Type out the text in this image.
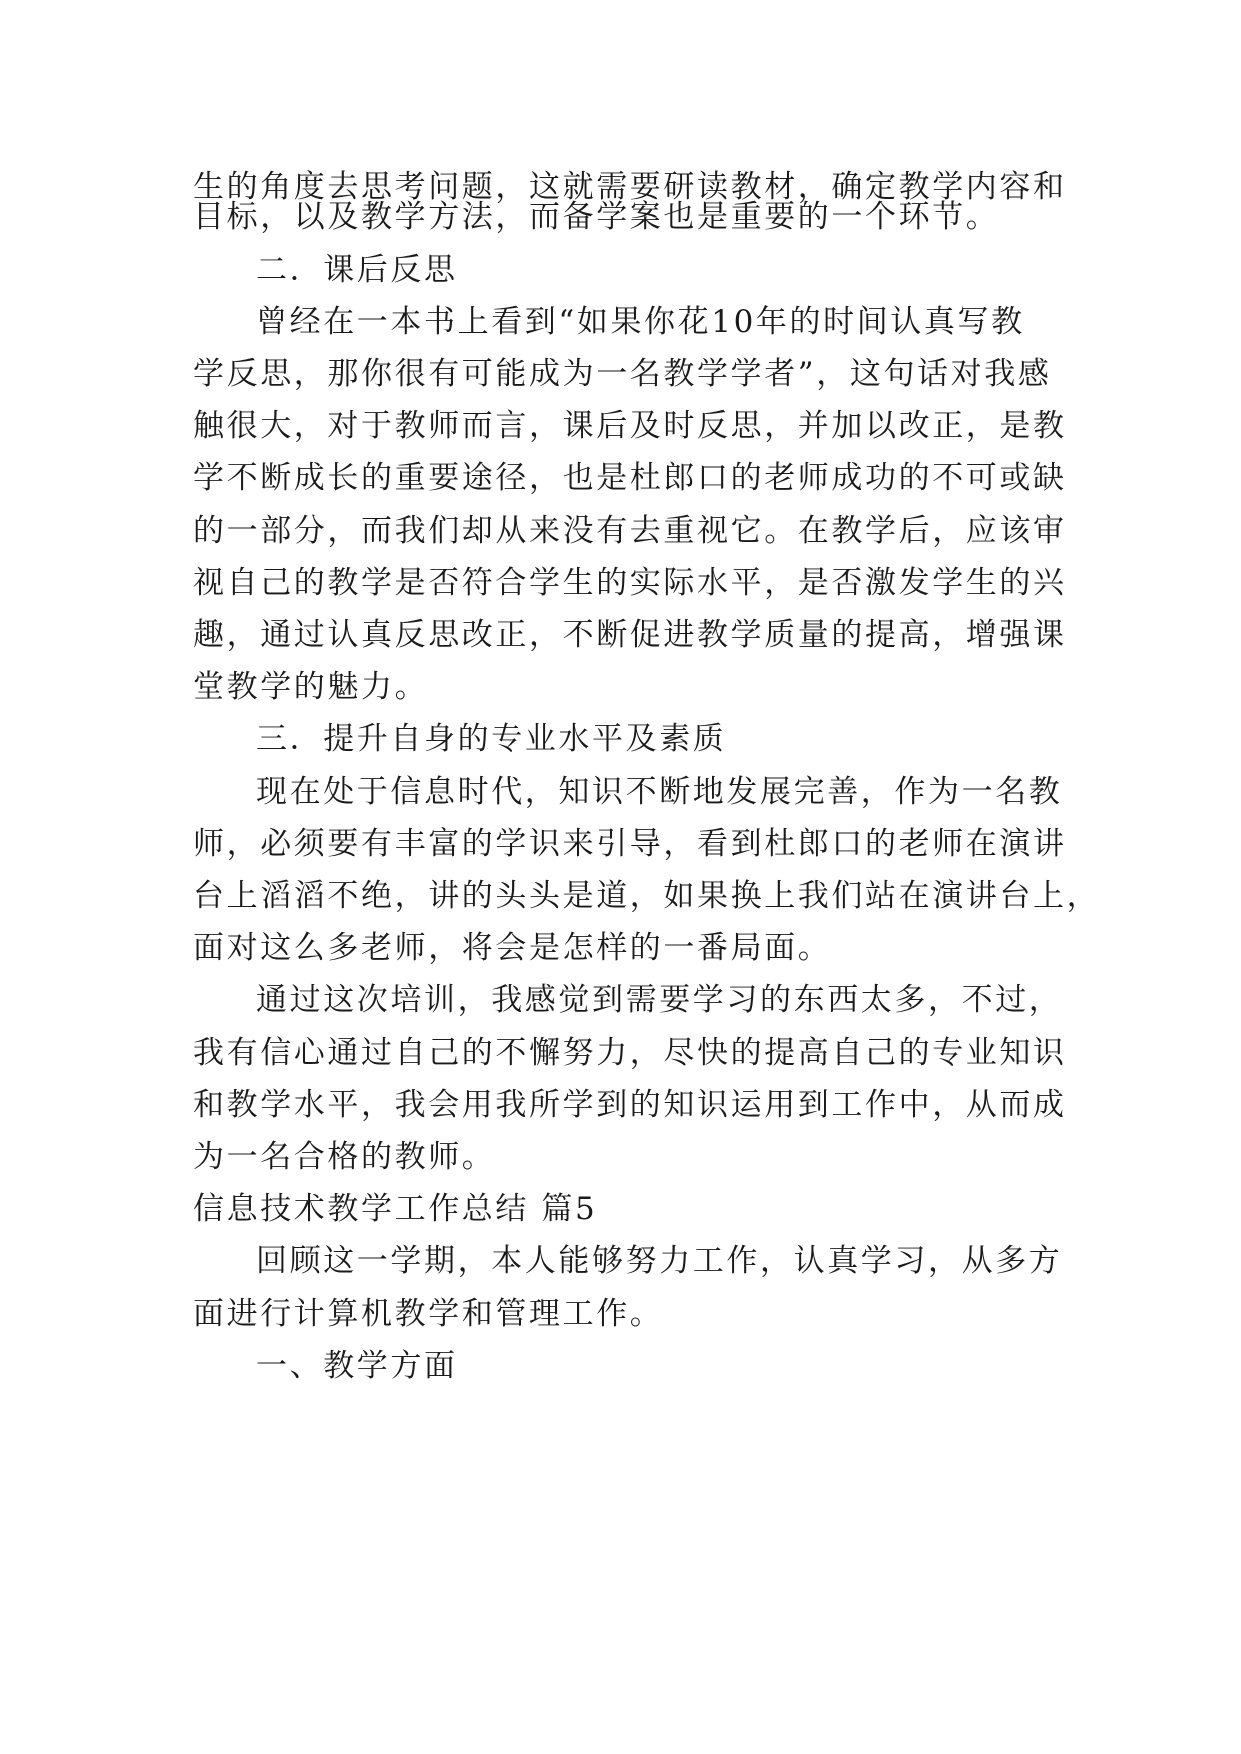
生的角度去思考问题，这就需要研读教材，确定教学内容和

目标，以及教学方法，而备学案也是重要的一个环节。

二．课后反思

曾经在一本书上看到“如果你花10年的时间认真写教

学反思，那你很有可能成为一名教学学者”，这句话对我感

触很大，对于教师而言，课后及时反思，并加以改正，是教

学不断成长的重要途径，也是杜郎口的老师成功的不可或缺

的一部分，而我们却从来没有去重视它。在教学后，应该审

视自己的教学是否符合学生的实际水平，是否激发学生的兴

趣，通过认真反思改正，不断促进教学质量的提高，增强课

堂教学的魅力。

三．提升自身的专业水平及素质

现在处于信息时代，知识不断地发展完善，作为一名教

师，必须要有丰富的学识来引导，看到杜郎口的老师在演讲

台上滔滔不绝，讲的头头是道，如果换上我们站在演讲台上，

面对这么多老师，将会是怎样的一番局面。

通过这次培训，我感觉到需要学习的东西太多，不过，

我有信心通过自己的不懈努力，尽快的提高自己的专业知识

和教学水平，我会用我所学到的知识运用到工作中，从而成

为一名合格的教师。

信息技术教学工作总结 篇5

回顾这一学期，本人能够努力工作，认真学习，从多方

面进行计算机教学和管理工作。

一、教学方面
